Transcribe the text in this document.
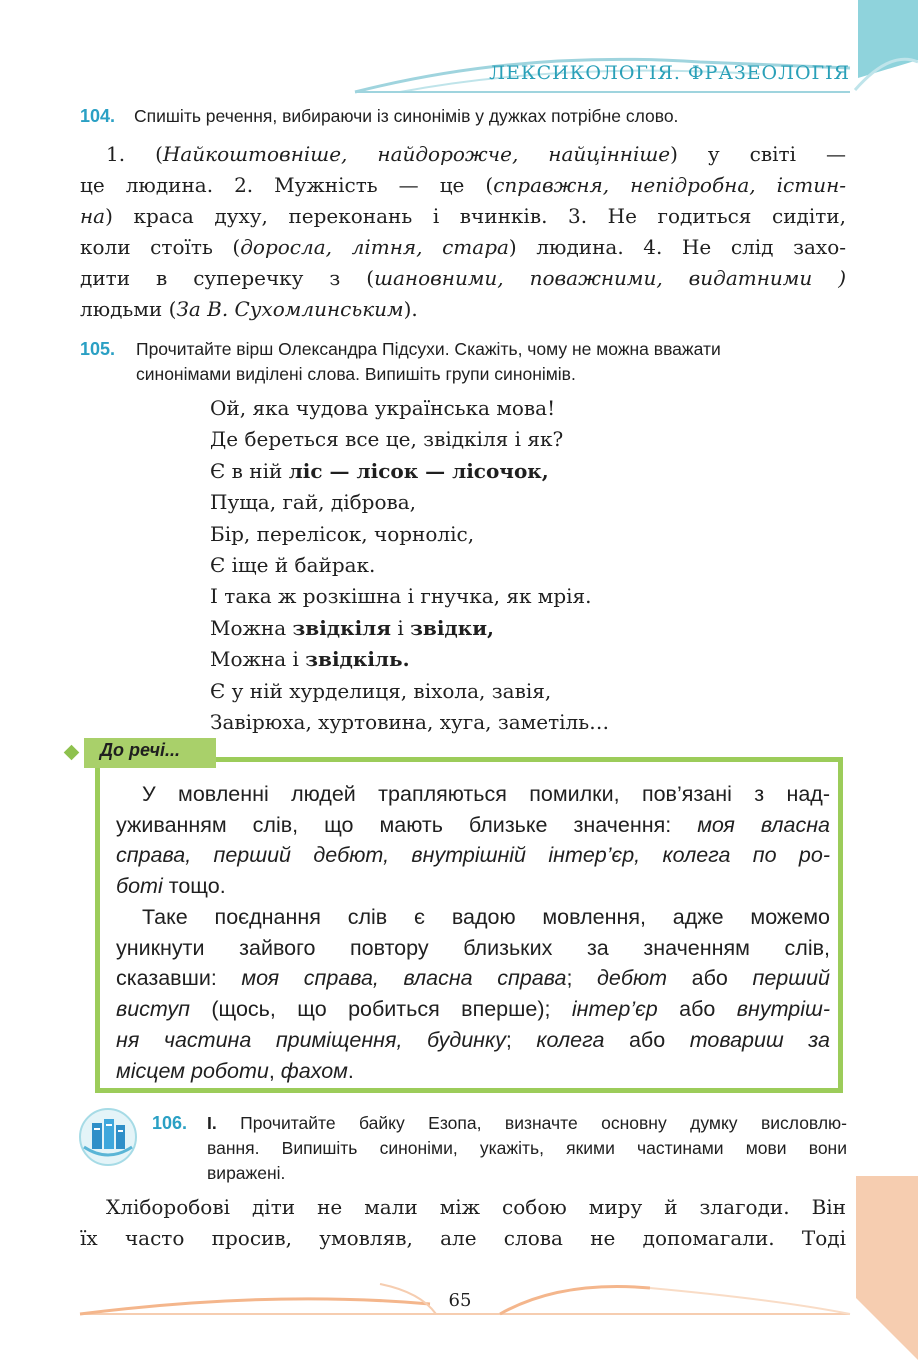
ЛЕКСИКОЛОГІЯ. ФРАЗЕОЛОГІЯ
104. Спишіть речення, вибираючи із синонімів у дужках потрібне слово.
1. (Найкоштовніше, найдорожче, найцінніше) у світі —
це людина. 2. Мужність — це (справжня, непідробна, істин-
на) краса духу, переконань і вчинків. 3. Не годиться сидіти,
коли стоїть (доросла, літня, стара) людина. 4. Не слід захо-
дити в суперечку з (шановними, поважними, видатними )
людьми (За В. Сухомлинським).
105. Прочитайте вірш Олександра Підсухи. Скажіть, чому не можна вважати
синонімами виділені слова. Випишіть групи синонімів.
Ой, яка чудова українська мова!
Де береться все це, звідкіля і як?
Є в ній ліс — лісок — лісочок,
Пуща, гай, діброва,
Бір, перелісок, чорноліс,
Є іще й байрак.
І така ж розкішна і гнучка, як мрія.
Можна звідкіля і звідки,
Можна і звідкіль.
Є у ній хурделиця, віхола, завія,
Завірюха, хуртовина, хуга, заметіль…
До речі...
У мовленні людей трапляються помилки, пов’язані з над-
уживанням слів, що мають близьке значення: моя власна
справа, перший дебют, внутрішній інтер’єр, колега по ро-
боті тощо.
Таке поєднання слів є вадою мовлення, адже можемо
уникнути зайвого повтору близьких за значенням слів,
сказавши: моя справа, власна справа; дебют або перший
виступ (щось, що робиться вперше); інтер’єр або внутріш-
ня частина приміщення, будинку; колега або товариш за
місцем роботи, фахом.
106. І. Прочитайте байку Езопа, визначте основну думку висловлю-
вання. Випишіть синоніми, укажіть, якими частинами мови вони
виражені.
Хліборобові діти не мали між собою миру й злагоди. Він
їх часто просив, умовляв, але слова не допомагали. Тоді
65
